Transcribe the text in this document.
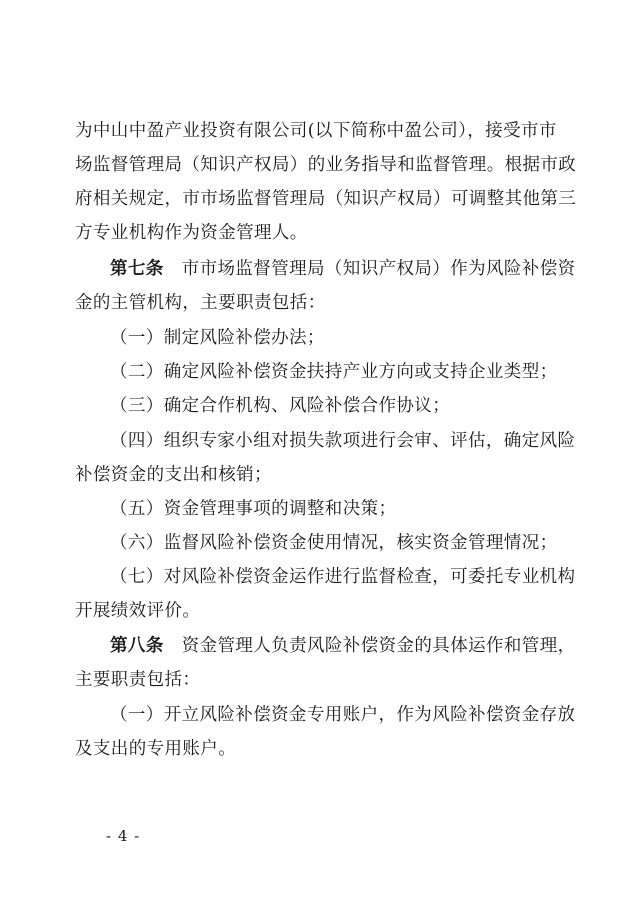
为中山中盈产业投资有限公司(以下简称中盈公司），接受市市
场监督管理局（知识产权局）的业务指导和监督管理。根据市政
府相关规定，市市场监督管理局（知识产权局）可调整其他第三
方专业机构作为资金管理人。
第七条 市市场监督管理局（知识产权局）作为风险补偿资
金的主管机构，主要职责包括：
（一）制定风险补偿办法；
（二）确定风险补偿资金扶持产业方向或支持企业类型；
（三）确定合作机构、风险补偿合作协议；
（四）组织专家小组对损失款项进行会审、评估，确定风险
补偿资金的支出和核销；
（五）资金管理事项的调整和决策；
（六）监督风险补偿资金使用情况，核实资金管理情况；
（七）对风险补偿资金运作进行监督检查，可委托专业机构
开展绩效评价。
第八条 资金管理人负责风险补偿资金的具体运作和管理，
主要职责包括：
（一）开立风险补偿资金专用账户，作为风险补偿资金存放
及支出的专用账户。
- 4 -
